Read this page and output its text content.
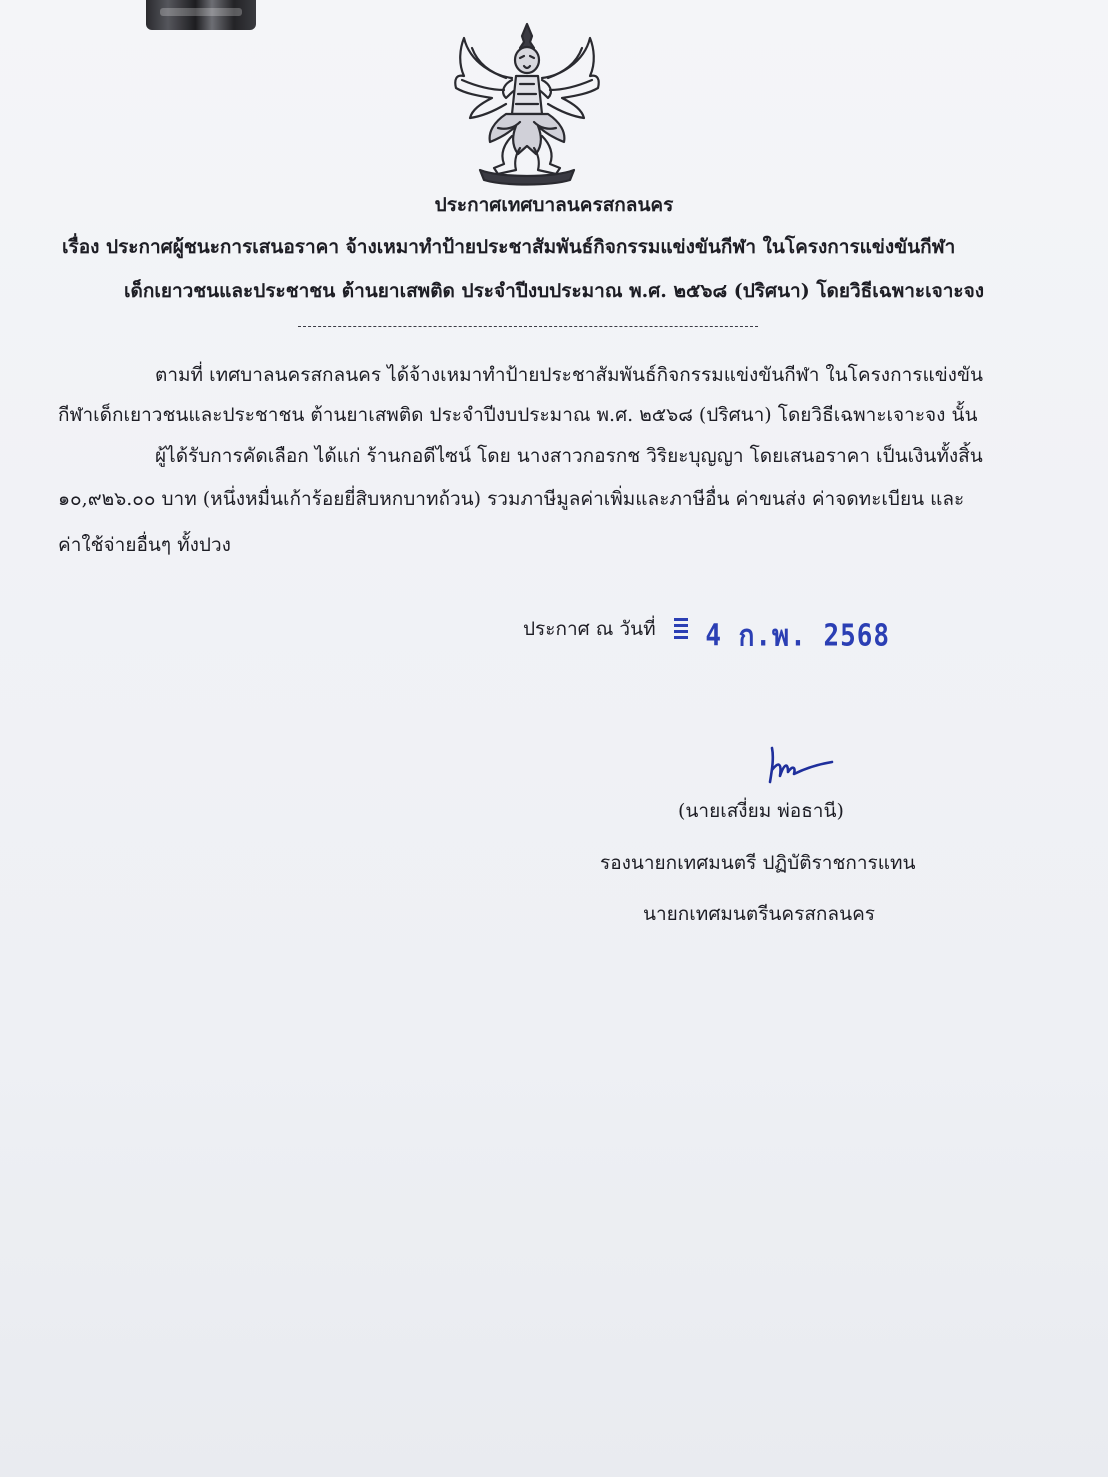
ประกาศเทศบาลนครสกลนคร
เรื่อง ประกาศผู้ชนะการเสนอราคา จ้างเหมาทำป้ายประชาสัมพันธ์กิจกรรมแข่งขันกีฬา ในโครงการแข่งขันกีฬา
เด็กเยาวชนและประชาชน ต้านยาเสพติด ประจำปีงบประมาณ พ.ศ. ๒๕๖๘ (ปริศนา) โดยวิธีเฉพาะเจาะจง
ตามที่ เทศบาลนครสกลนคร ได้จ้างเหมาทำป้ายประชาสัมพันธ์กิจกรรมแข่งขันกีฬา ในโครงการแข่งขัน
กีฬาเด็กเยาวชนและประชาชน ต้านยาเสพติด ประจำปีงบประมาณ พ.ศ. ๒๕๖๘ (ปริศนา) โดยวิธีเฉพาะเจาะจง นั้น
ผู้ได้รับการคัดเลือก ได้แก่ ร้านกอดีไซน์ โดย นางสาวกอรกช วิริยะบุญญา โดยเสนอราคา เป็นเงินทั้งสิ้น
๑๐,๙๒๖.๐๐ บาท (หนึ่งหมื่นเก้าร้อยยี่สิบหกบาทถ้วน) รวมภาษีมูลค่าเพิ่มและภาษีอื่น ค่าขนส่ง ค่าจดทะเบียน และ
ค่าใช้จ่ายอื่นๆ ทั้งปวง
ประกาศ ณ วันที่	4 ก.พ. 2568
(นายเสงี่ยม พ่อธานี)
รองนายกเทศมนตรี ปฏิบัติราชการแทน
นายกเทศมนตรีนครสกลนคร
